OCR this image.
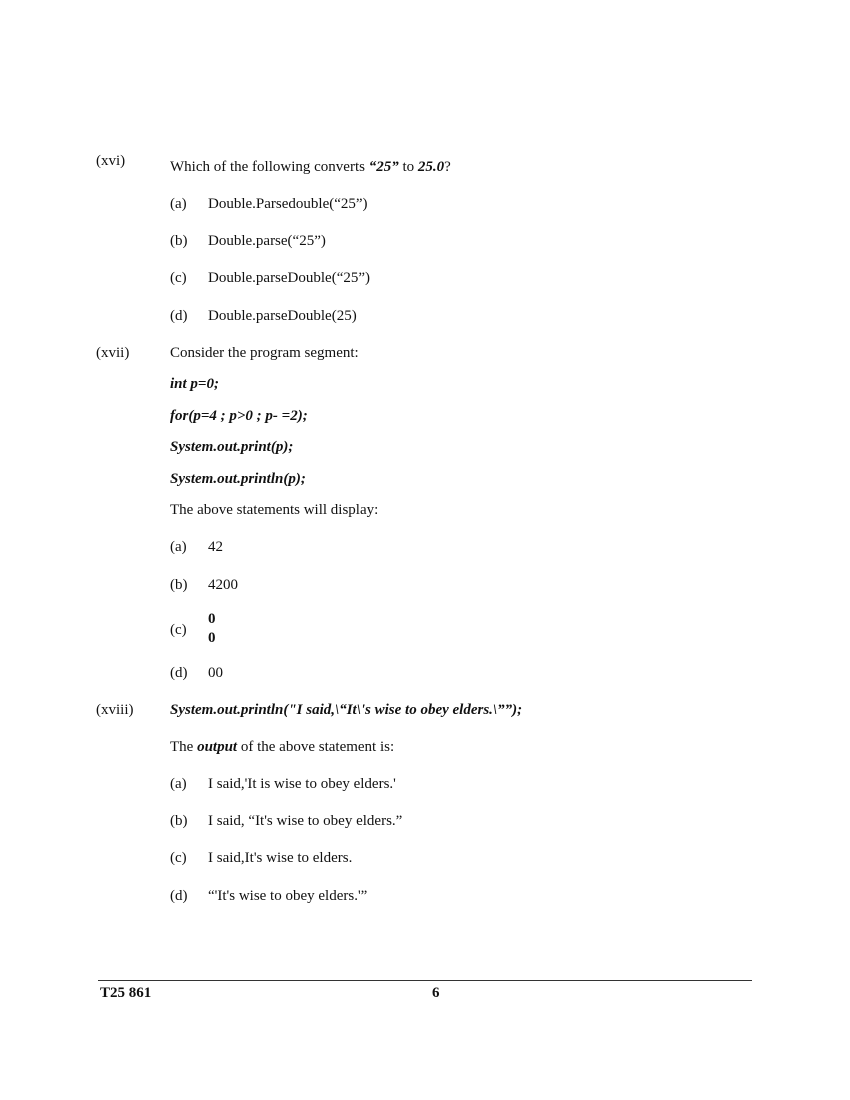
(xvi)	Which of the following converts “25” to 25.0?
(a) Double.Parsedouble(“25”)
(b) Double.parse(“25”)
(c) Double.parseDouble(“25”)
(d) Double.parseDouble(25)
(xvii)	Consider the program segment:
int p=0;
for(p=4 ; p>0 ; p- =2);
System.out.print(p);
System.out.println(p);
The above statements will display:
(a) 42
(b) 4200
(c)
0
0
(d) 00
(xviii) System.out.println("I said,\“It\'s wise to obey elders.\””);
The output of the above statement is:
(a) I said,'It is wise to obey elders.'
(b) I said, “It's wise to obey elders.”
(c) I said,It's wise to elders.
(d) “'It's wise to obey elders.'”
T25 861	6
